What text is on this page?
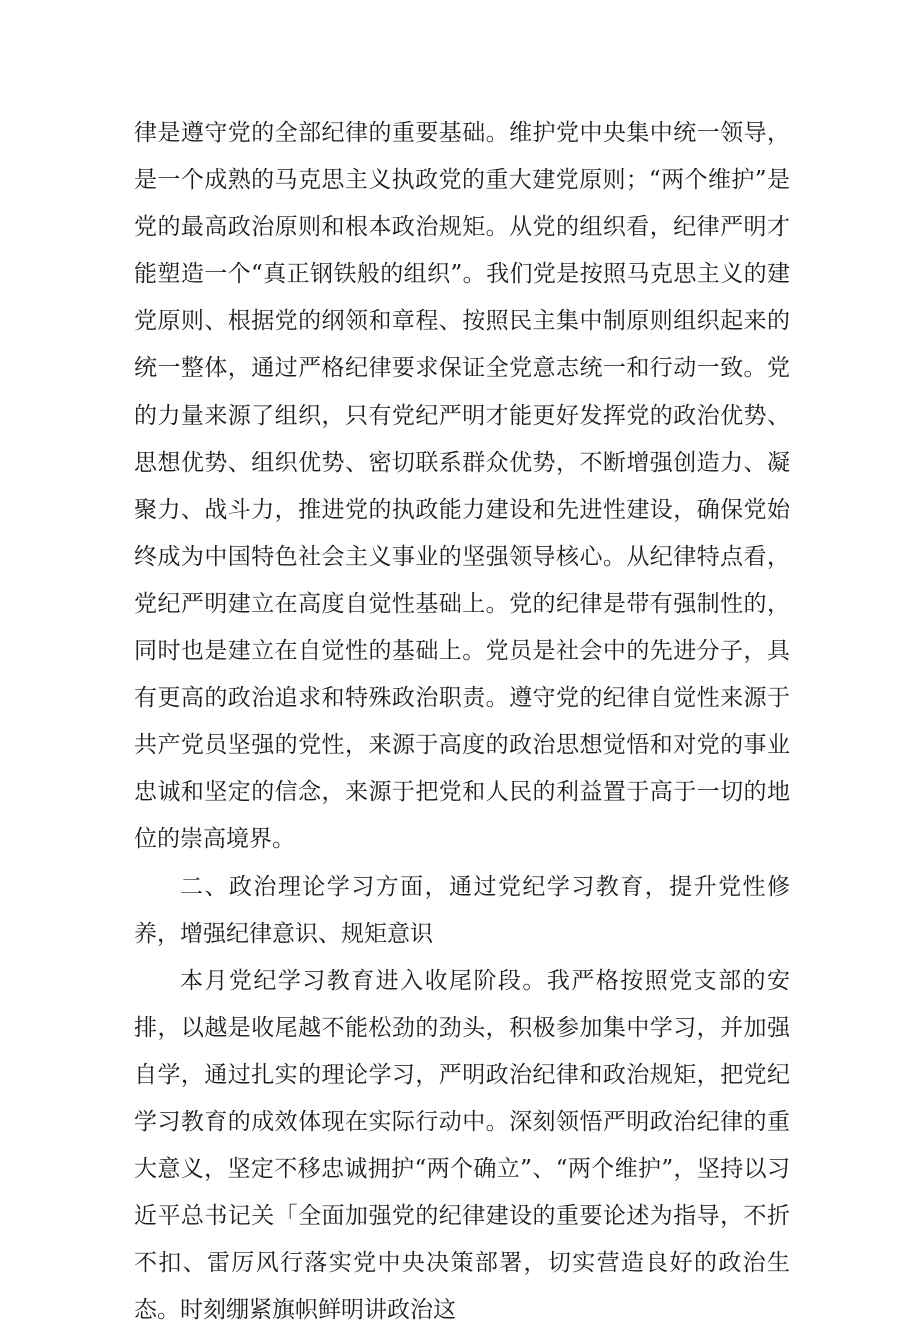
律是遵守党的全部纪律的重要基础。维护党中央集中统一领导，是一个成熟的马克思主义执政党的重大建党原则；“两个维护”是党的最高政治原则和根本政治规矩。从党的组织看，纪律严明才能塑造一个“真正钢铁般的组织”。我们党是按照马克思主义的建党原则、根据党的纲领和章程、按照民主集中制原则组织起来的统一整体，通过严格纪律要求保证全党意志统一和行动一致。党的力量来源了组织，只有党纪严明才能更好发挥党的政治优势、思想优势、组织优势、密切联系群众优势，不断增强创造力、凝聚力、战斗力，推进党的执政能力建设和先进性建设，确保党始终成为中国特色社会主义事业的坚强领导核心。从纪律特点看，党纪严明建立在高度自觉性基础上。党的纪律是带有强制性的，同时也是建立在自觉性的基础上。党员是社会中的先进分子，具有更高的政治追求和特殊政治职责。遵守党的纪律自觉性来源于共产党员坚强的党性，来源于高度的政治思想觉悟和对党的事业忠诚和坚定的信念，来源于把党和人民的利益置于高于一切的地位的崇高境界。

二、政治理论学习方面，通过党纪学习教育，提升党性修养，增强纪律意识、规矩意识

本月党纪学习教育进入收尾阶段。我严格按照党支部的安排，以越是收尾越不能松劲的劲头，积极参加集中学习，并加强自学，通过扎实的理论学习，严明政治纪律和政治规矩，把党纪学习教育的成效体现在实际行动中。深刻领悟严明政治纪律的重大意义，坚定不移忠诚拥护“两个确立”、“两个维护”，坚持以习近平总书记关「全面加强党的纪律建设的重要论述为指导，不折不扣、雷厉风行落实党中央决策部署，切实营造良好的政治生态。时刻绷紧旗帜鲜明讲政治这
